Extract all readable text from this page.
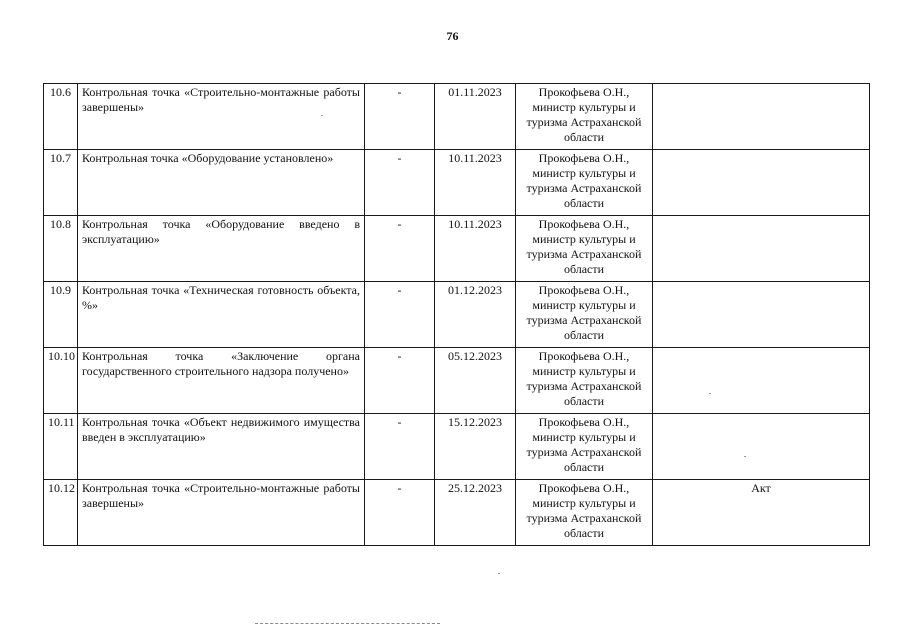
76
10.6	Контрольная точка «Строительно-монтажные работы завершены»	-	01.11.2023	Прокофьева О.Н., министр культуры и туризма Астраханской области	
10.7	Контрольная точка «Оборудование установлено»	-	10.11.2023	Прокофьева О.Н., министр культуры и туризма Астраханской области	
10.8	Контрольная точка «Оборудование введено в эксплуатацию»	-	10.11.2023	Прокофьева О.Н., министр культуры и туризма Астраханской области	
10.9	Контрольная точка «Техническая готовность объекта, %»	-	01.12.2023	Прокофьева О.Н., министр культуры и туризма Астраханской области	
10.10	Контрольная точка «Заключение органа государственного строительного надзора получено»	-	05.12.2023	Прокофьева О.Н., министр культуры и туризма Астраханской области	
10.11	Контрольная точка «Объект недвижимого имущества введен в эксплуатацию»	-	15.12.2023	Прокофьева О.Н., министр культуры и туризма Астраханской области	
10.12	Контрольная точка «Строительно-монтажные работы завершены»	-	25.12.2023	Прокофьева О.Н., министр культуры и туризма Астраханской области	Акт
